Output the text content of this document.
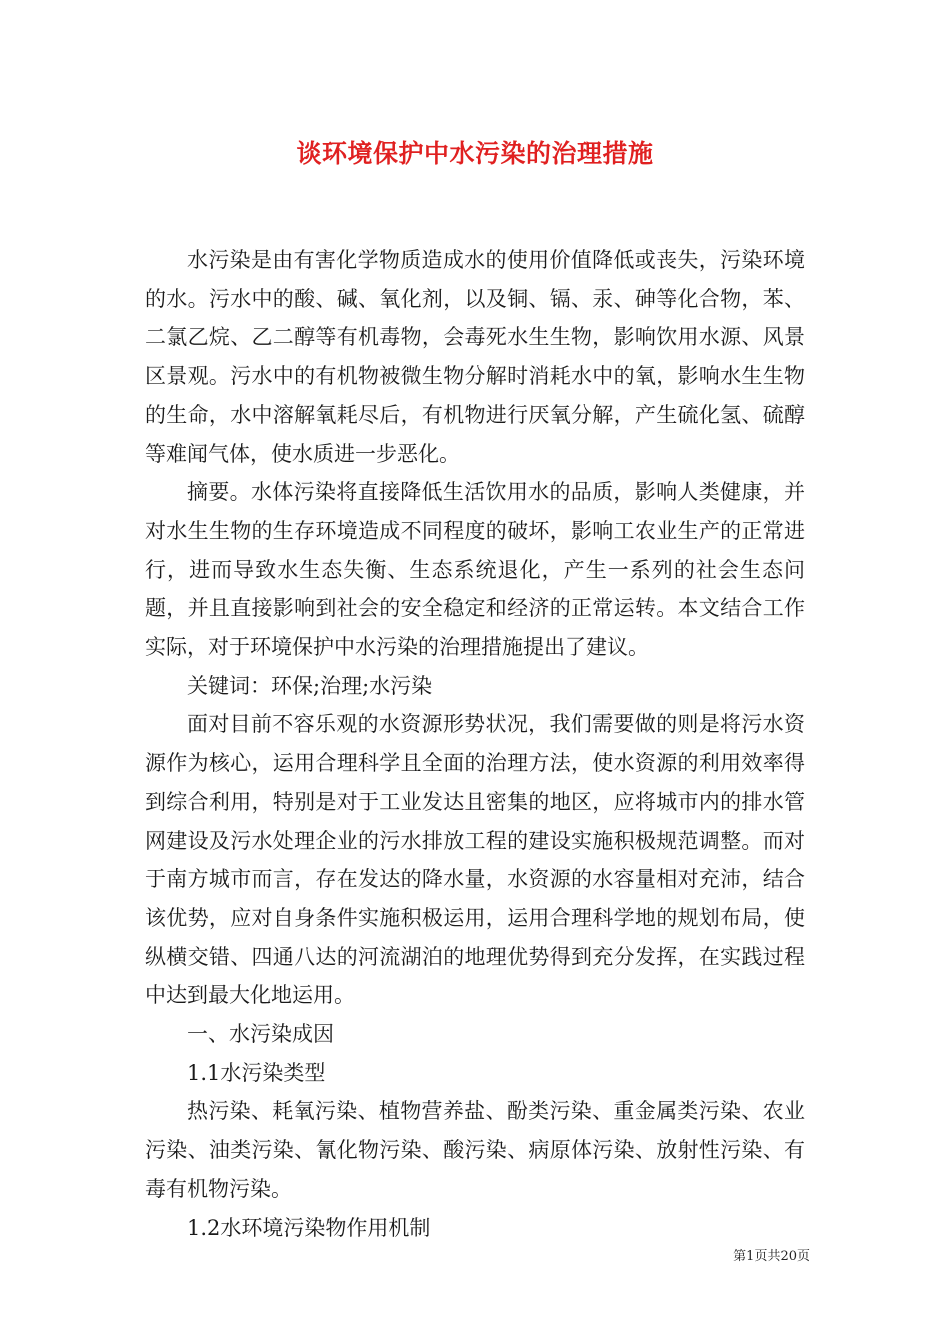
谈环境保护中水污染的治理措施

水污染是由有害化学物质造成水的使用价值降低或丧失，污染环境的水。污水中的酸、碱、氧化剂，以及铜、镉、汞、砷等化合物，苯、二氯乙烷、乙二醇等有机毒物，会毒死水生生物，影响饮用水源、风景区景观。污水中的有机物被微生物分解时消耗水中的氧，影响水生生物的生命，水中溶解氧耗尽后，有机物进行厌氧分解，产生硫化氢、硫醇等难闻气体，使水质进一步恶化。

摘要。水体污染将直接降低生活饮用水的品质，影响人类健康，并对水生生物的生存环境造成不同程度的破坏，影响工农业生产的正常进行，进而导致水生态失衡、生态系统退化，产生一系列的社会生态问题，并且直接影响到社会的安全稳定和经济的正常运转。本文结合工作实际，对于环境保护中水污染的治理措施提出了建议。

关键词：环保;治理;水污染

面对目前不容乐观的水资源形势状况，我们需要做的则是将污水资源作为核心，运用合理科学且全面的治理方法，使水资源的利用效率得到综合利用，特别是对于工业发达且密集的地区，应将城市内的排水管网建设及污水处理企业的污水排放工程的建设实施积极规范调整。而对于南方城市而言，存在发达的降水量，水资源的水容量相对充沛，结合该优势，应对自身条件实施积极运用，运用合理科学地的规划布局，使纵横交错、四通八达的河流湖泊的地理优势得到充分发挥，在实践过程中达到最大化地运用。

一、水污染成因

1.1水污染类型

热污染、耗氧污染、植物营养盐、酚类污染、重金属类污染、农业污染、油类污染、氰化物污染、酸污染、病原体污染、放射性污染、有毒有机物污染。

1.2水环境污染物作用机制

第1页共20页
